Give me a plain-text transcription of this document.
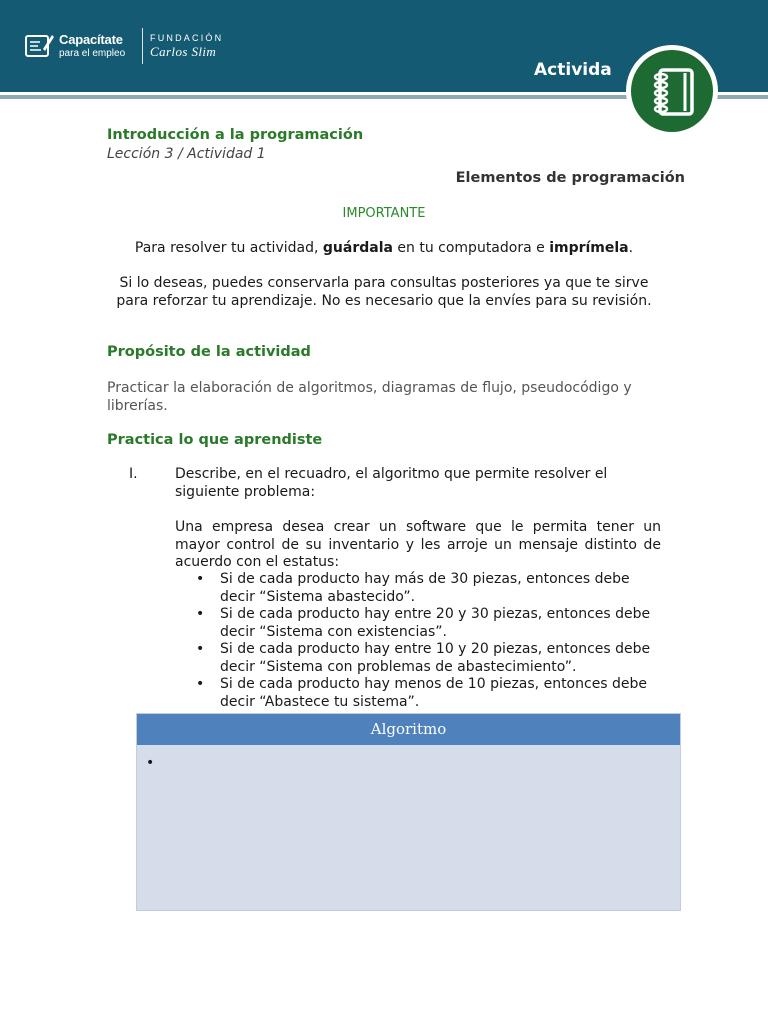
Capacítate
para el empleo
FUNDACIÓN
Carlos Slim
Activida
Introducción a la programación
Lección 3 / Actividad 1
Elementos de programación
IMPORTANTE
Para resolver tu actividad, guárdala en tu computadora e imprímela.
Si lo deseas, puedes conservarla para consultas posteriores ya que te sirve para reforzar tu aprendizaje. No es necesario que la envíes para su revisión.
Propósito de la actividad
Practicar la elaboración de algoritmos, diagramas de flujo, pseudocódigo y librerías.
Practica lo que aprendiste
I.	Describe, en el recuadro, el algoritmo que permite resolver el siguiente problema:
Una empresa desea crear un software que le permita tener un mayor control de su inventario y les arroje un mensaje distinto de acuerdo con el estatus:
• Si de cada producto hay más de 30 piezas, entonces debe decir “Sistema abastecido”.
• Si de cada producto hay entre 20 y 30 piezas, entonces debe decir “Sistema con existencias”.
• Si de cada producto hay entre 10 y 20 piezas, entonces debe decir “Sistema con problemas de abastecimiento”.
• Si de cada producto hay menos de 10 piezas, entonces debe decir “Abastece tu sistema”.
Algoritmo
•
